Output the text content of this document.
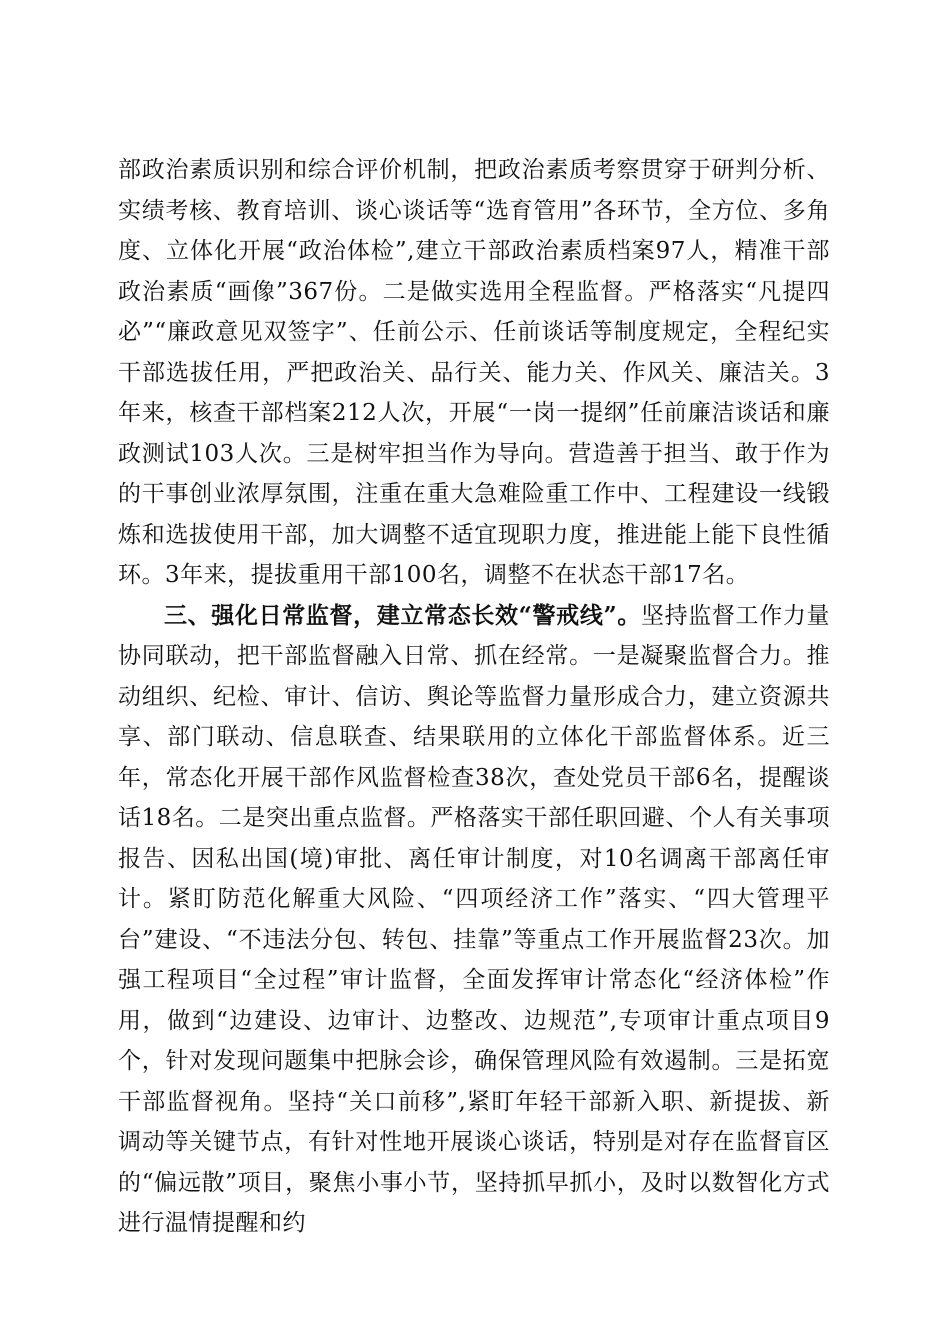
部政治素质识别和综合评价机制，把政治素质考察贯穿于研判分析、实绩考核、教育培训、谈心谈话等“选育管用”各环节，全方位、多角度、立体化开展“政治体检”,建立干部政治素质档案97人，精准干部政治素质“画像”367份。二是做实选用全程监督。严格落实“凡提四必”“廉政意见双签字”、任前公示、任前谈话等制度规定，全程纪实干部选拔任用，严把政治关、品行关、能力关、作风关、廉洁关。3年来，核查干部档案212人次，开展“一岗一提纲”任前廉洁谈话和廉政测试103人次。三是树牢担当作为导向。营造善于担当、敢于作为的干事创业浓厚氛围，注重在重大急难险重工作中、工程建设一线锻炼和选拔使用干部，加大调整不适宜现职力度，推进能上能下良性循环。3年来，提拔重用干部100名，调整不在状态干部17名。

三、强化日常监督，建立常态长效“警戒线”。坚持监督工作力量协同联动，把干部监督融入日常、抓在经常。一是凝聚监督合力。推动组织、纪检、审计、信访、舆论等监督力量形成合力，建立资源共享、部门联动、信息联查、结果联用的立体化干部监督体系。近三年，常态化开展干部作风监督检查38次，查处党员干部6名，提醒谈话18名。二是突出重点监督。严格落实干部任职回避、个人有关事项报告、因私出国(境)审批、离任审计制度，对10名调离干部离任审计。紧盯防范化解重大风险、“四项经济工作”落实、“四大管理平台”建设、“不违法分包、转包、挂靠”等重点工作开展监督23次。加强工程项目“全过程”审计监督，全面发挥审计常态化“经济体检”作用，做到“边建设、边审计、边整改、边规范”,专项审计重点项目9个，针对发现问题集中把脉会诊，确保管理风险有效遏制。三是拓宽干部监督视角。坚持“关口前移”,紧盯年轻干部新入职、新提拔、新调动等关键节点，有针对性地开展谈心谈话，特别是对存在监督盲区的“偏远散”项目，聚焦小事小节，坚持抓早抓小，及时以数智化方式进行温情提醒和约
